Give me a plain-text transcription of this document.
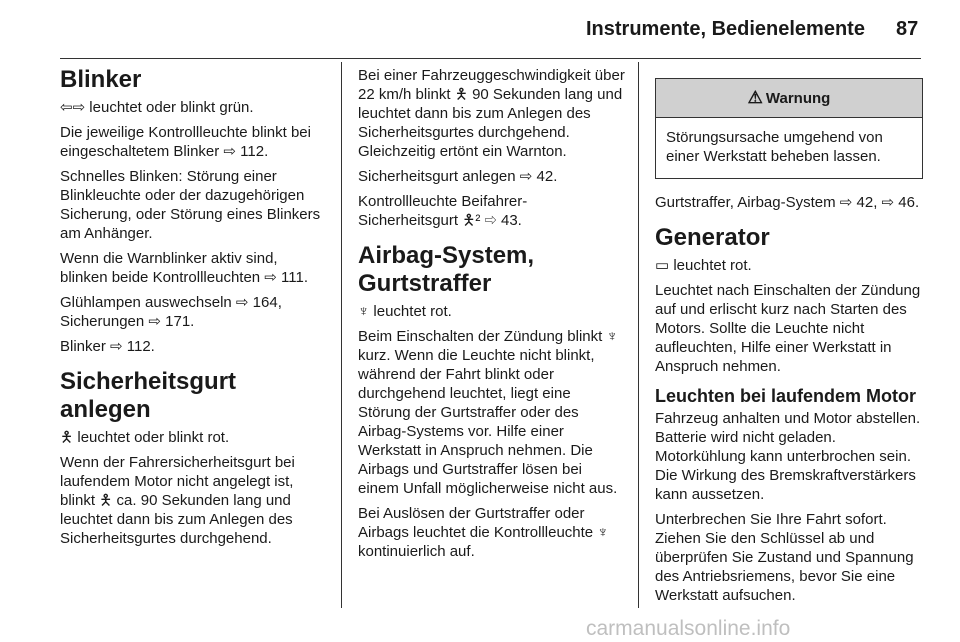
Instrumente, Bedienelemente 87
Blinker

⇦⇨ leuchtet oder blinkt grün.

Die jeweilige Kontrollleuchte blinkt bei eingeschaltetem Blinker ⇨ 112.

Schnelles Blinken: Störung einer Blinkleuchte oder der dazugehörigen Sicherung, oder Störung eines Blinkers am Anhänger.

Wenn die Warnblinker aktiv sind, blinken beide Kontrollleuchten ⇨ 111.

Glühlampen auswechseln ⇨ 164, Sicherungen ⇨ 171.

Blinker ⇨ 112.

Sicherheitsgurt anlegen

🯅 leuchtet oder blinkt rot.

Wenn der Fahrersicherheitsgurt bei laufendem Motor nicht angelegt ist, blinkt 🯅 ca. 90 Sekunden lang und leuchtet dann bis zum Anlegen des Sicherheitsgurtes durchgehend.

Bei einer Fahrzeuggeschwindigkeit über 22 km/h blinkt 🯅 90 Sekunden lang und leuchtet dann bis zum Anlegen des Sicherheitsgurtes durchgehend. Gleichzeitig ertönt ein Warnton.

Sicherheitsgurt anlegen ⇨ 42.

Kontrollleuchte Beifahrer-Sicherheitsgurt 🯅² ⇨ 43.

Airbag-System,
Gurtstraffer

♆ leuchtet rot.

Beim Einschalten der Zündung blinkt ♆ kurz. Wenn die Leuchte nicht blinkt, während der Fahrt blinkt oder durchgehend leuchtet, liegt eine Störung der Gurtstraffer oder des Airbag-Systems vor. Hilfe einer Werkstatt in Anspruch nehmen. Die Airbags und Gurtstraffer lösen bei einem Unfall möglicherweise nicht aus.

Bei Auslösen der Gurtstraffer oder Airbags leuchtet die Kontrollleuchte ♆ kontinuierlich auf.

⚠ Warnung
Störungsursache umgehend von einer Werkstatt beheben lassen.

Gurtstraffer, Airbag-System ⇨ 42, ⇨ 46.

Generator

▭ leuchtet rot.

Leuchtet nach Einschalten der Zündung auf und erlischt kurz nach Starten des Motors. Sollte die Leuchte nicht aufleuchten, Hilfe einer Werkstatt in Anspruch nehmen.

Leuchten bei laufendem Motor

Fahrzeug anhalten und Motor abstellen. Batterie wird nicht geladen. Motorkühlung kann unterbrochen sein. Die Wirkung des Bremskraftverstärkers kann aussetzen.

Unterbrechen Sie Ihre Fahrt sofort. Ziehen Sie den Schlüssel ab und überprüfen Sie Zustand und Spannung des Antriebsriemens, bevor Sie eine Werkstatt aufsuchen.

carmanualsonline.info
